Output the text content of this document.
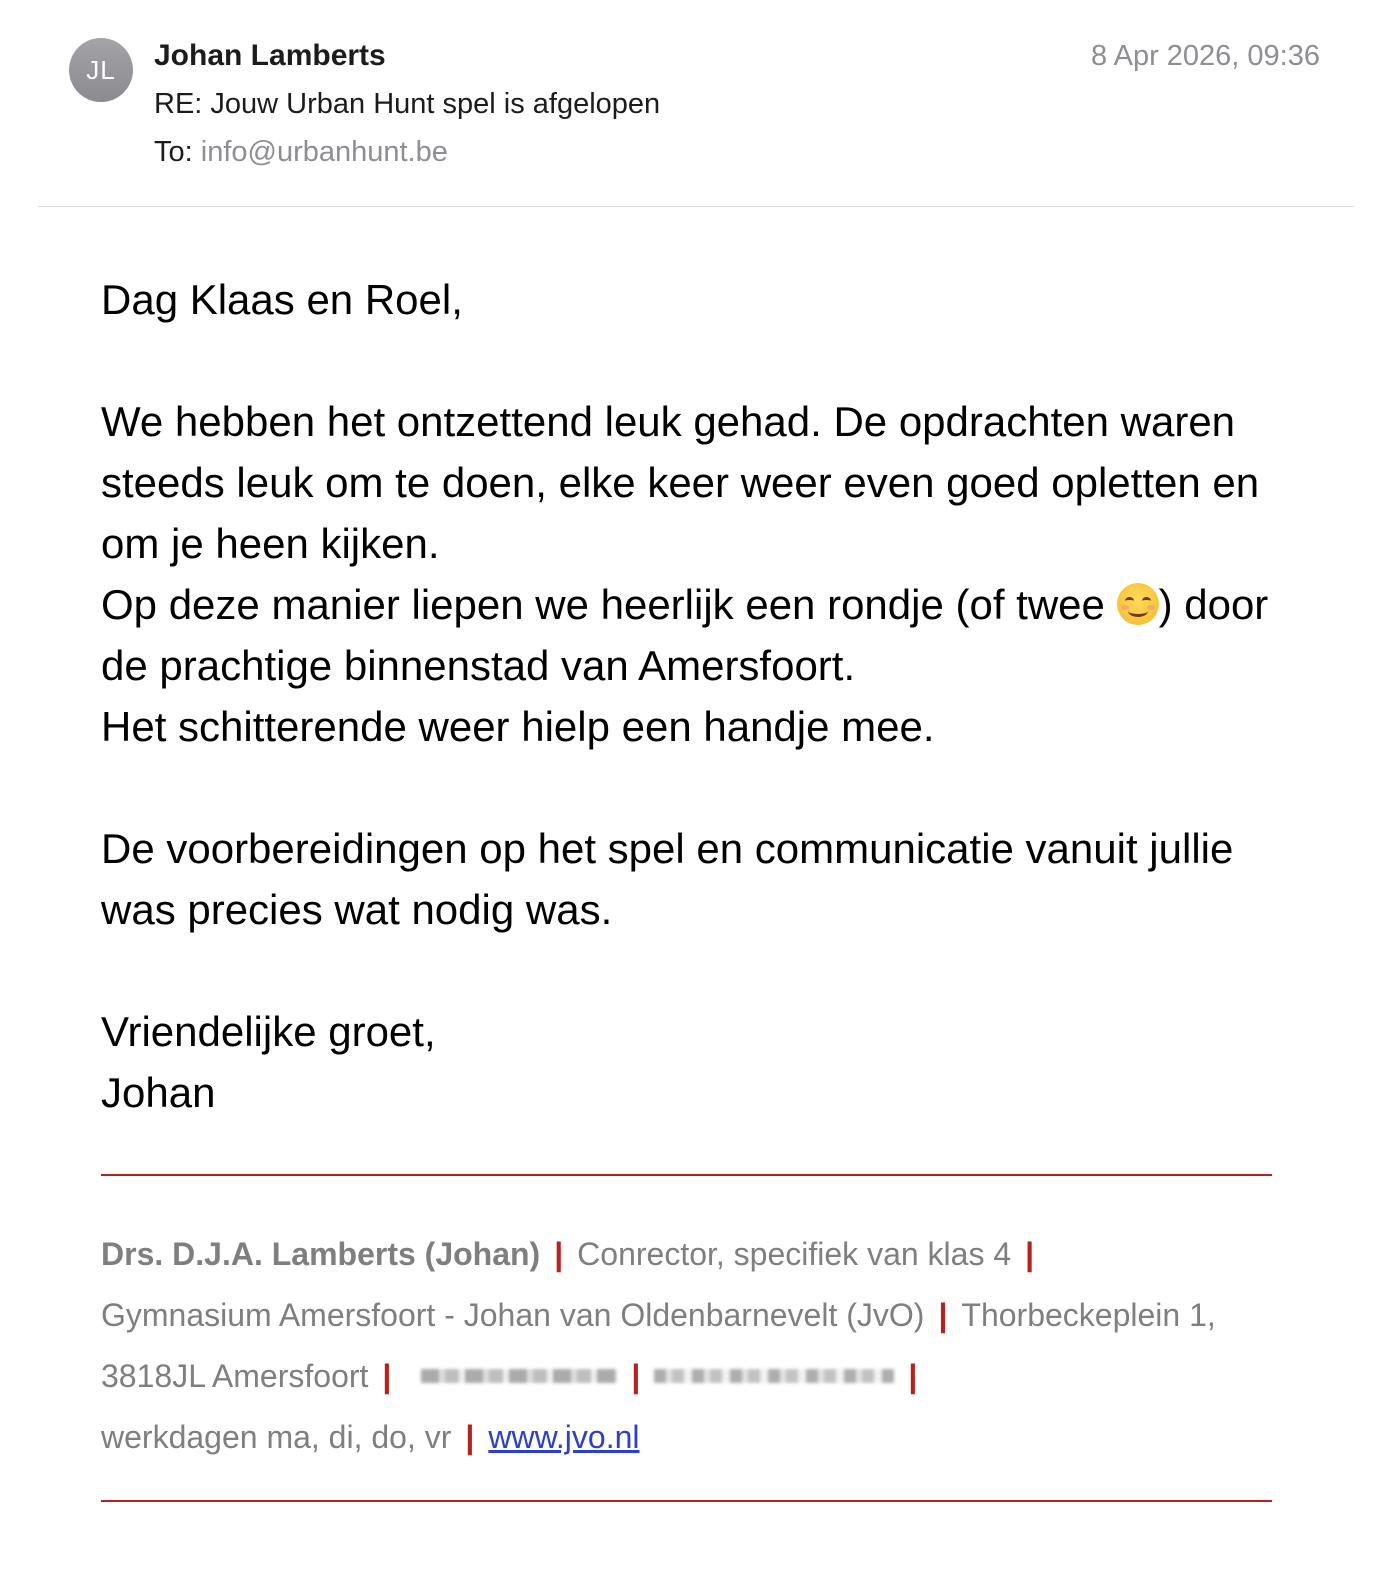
JL	Johan Lamberts
RE: Jouw Urban Hunt spel is afgelopen
To: info@urbanhunt.be
8 Apr 2026, 09:36

Dag Klaas en Roel,

We hebben het ontzettend leuk gehad. De opdrachten waren steeds leuk om te doen, elke keer weer even goed opletten en om je heen kijken.

Op deze manier liepen we heerlijk een rondje (of twee
) door de prachtige binnenstad van Amersfoort.

Het schitterende weer hielp een handje mee.

De voorbereidingen op het spel en communicatie vanuit jullie was precies wat nodig was.

Vriendelijke groet,

Johan

Drs. D.J.A. Lamberts (Johan) | Conrector, specifiek van klas 4 |
Gymnasium Amersfoort - Johan van Oldenbarnevelt (JvO) | Thorbeckeplein 1, 3818JL Amersfoort |	|	|
werkdagen ma, di, do, vr | www.jvo.nl
